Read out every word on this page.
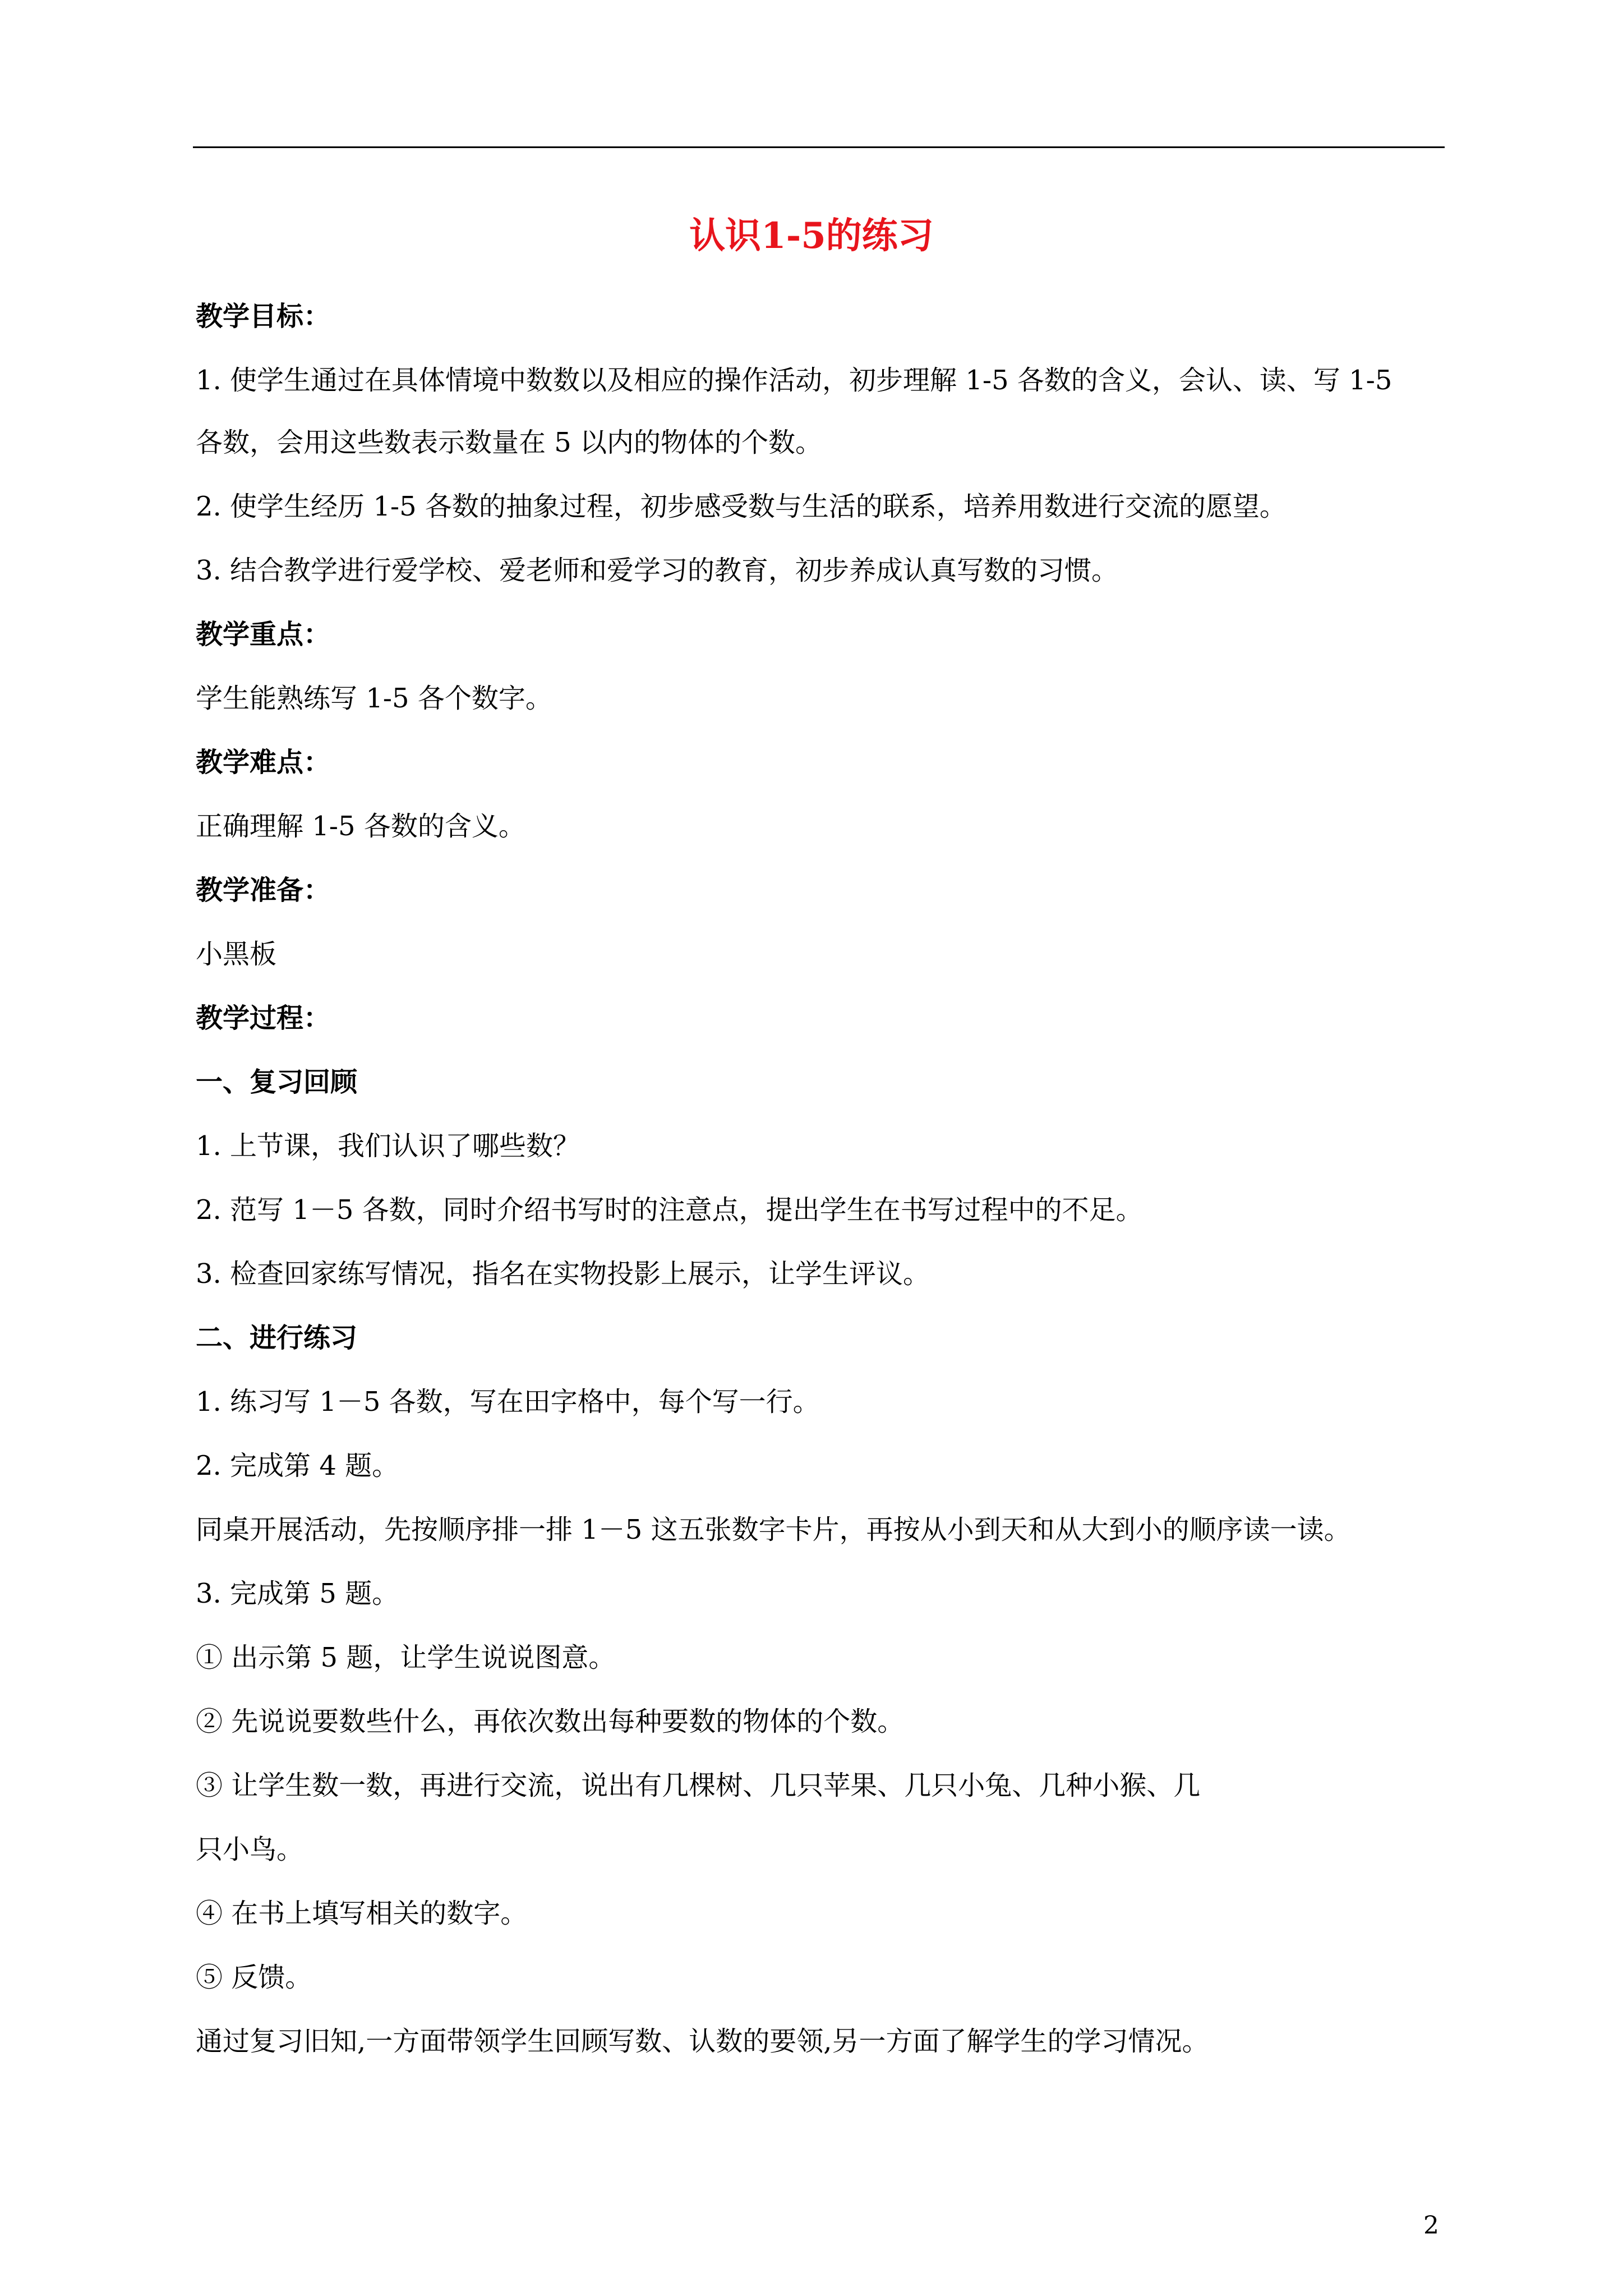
认识1-5的练习
教学目标：
1. 使学生通过在具体情境中数数以及相应的操作活动，初步理解 1-5 各数的含义，会认、读、写 1-5
各数，会用这些数表示数量在 5 以内的物体的个数。
2. 使学生经历 1-5 各数的抽象过程，初步感受数与生活的联系，培养用数进行交流的愿望。
3. 结合教学进行爱学校、爱老师和爱学习的教育，初步养成认真写数的习惯。
教学重点：
学生能熟练写 1-5 各个数字。
教学难点：
正确理解 1-5 各数的含义。
教学准备：
小黑板
教学过程：
一、复习回顾
1. 上节课，我们认识了哪些数？
2. 范写 1－5 各数，同时介绍书写时的注意点，提出学生在书写过程中的不足。
3. 检查回家练写情况，指名在实物投影上展示，让学生评议。
二、进行练习
1. 练习写 1－5 各数，写在田字格中，每个写一行。
2. 完成第 4 题。
同桌开展活动，先按顺序排一排 1－5 这五张数字卡片，再按从小到天和从大到小的顺序读一读。
3. 完成第 5 题。
① 出示第 5 题，让学生说说图意。
② 先说说要数些什么，再依次数出每种要数的物体的个数。
③ 让学生数一数，再进行交流，说出有几棵树、几只苹果、几只小兔、几种小猴、几
只小鸟。
④ 在书上填写相关的数字。
⑤ 反馈。
通过复习旧知,一方面带领学生回顾写数、认数的要领,另一方面了解学生的学习情况。
2
